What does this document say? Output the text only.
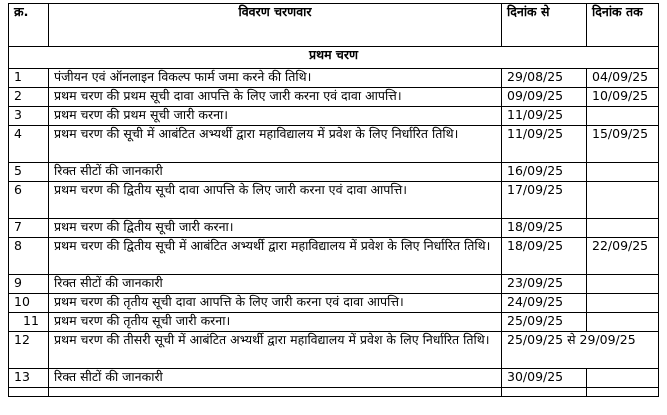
क्र.	विवरण चरणवार	दिनांक से	दिनांक तक
प्रथम चरण			
1	पंजीयन एवं ऑनलाइन विकल्प फार्म जमा करने की तिथि।	29/08/25	04/09/25
2	प्रथम चरण की प्रथम सूची दावा आपत्ति के लिए जारी करना एवं दावा आपत्ति।	09/09/25	10/09/25
3	प्रथम चरण की प्रथम सूची जारी करना।	11/09/25	
4	प्रथम चरण की सूची में आबंटित अभ्यर्थी द्वारा महाविद्यालय में प्रवेश के लिए निर्धारित तिथि।	11/09/25	15/09/25
5	रिक्त सीटों की जानकारी	16/09/25	
6	प्रथम चरण की द्वितीय सूची दावा आपत्ति के लिए जारी करना एवं दावा आपत्ति।	17/09/25	
7	प्रथम चरण की द्वितीय सूची जारी करना।	18/09/25	
8	प्रथम चरण की द्वितीय सूची में आबंटित अभ्यर्थी द्वारा महाविद्यालय में प्रवेश के लिए निर्धारित तिथि।	18/09/25	22/09/25
9	रिक्त सीटों की जानकारी	23/09/25	
10	प्रथम चरण की तृतीय सूची दावा आपत्ति के लिए जारी करना एवं दावा आपत्ति।	24/09/25	
11	प्रथम चरण की तृतीय सूची जारी करना।	25/09/25	
12	प्रथम चरण की तीसरी सूची में आबंटित अभ्यर्थी द्वारा महाविद्यालय में प्रवेश के लिए निर्धारित तिथि।	25/09/25 से 29/09/25	
13	रिक्त सीटों की जानकारी	30/09/25	
